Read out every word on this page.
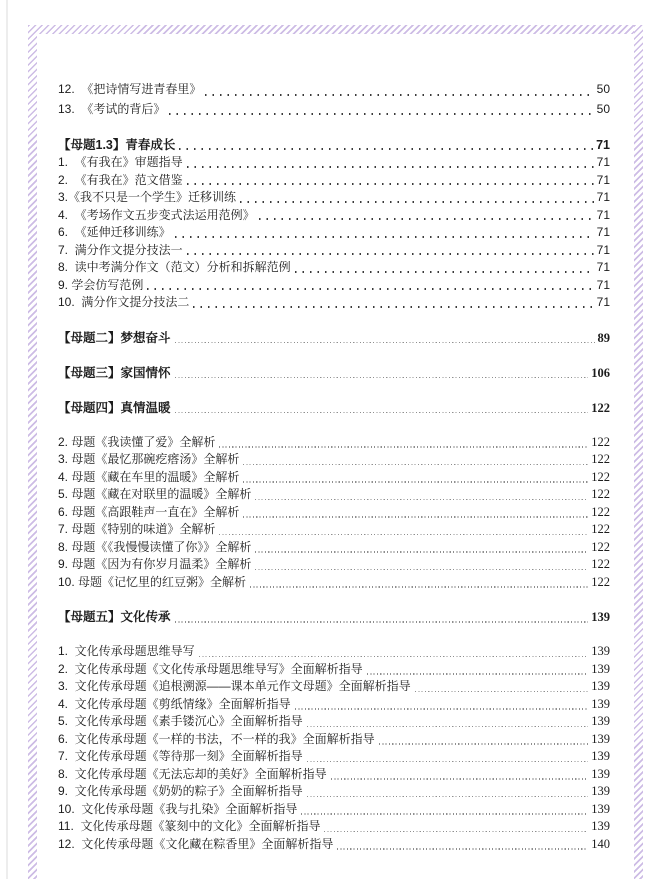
12.  《把诗情写进青春里》	50
13.  《考试的背后》	50
【母题1.3】青春成长	71
1.  《有我在》审题指导	71
2.  《有我在》范文借鉴	71
3.《我不只是一个学生》迁移训练	71
4.  《考场作文五步变式法运用范例》	71
6.  《延伸迁移训练》	71
7.  满分作文提分技法一	71
8.  读中考满分作文（范文）分析和拆解范例	71
9. 学会仿写范例	71
10.  满分作文提分技法二	71
【母题二】梦想奋斗	89
【母题三】家国情怀	106
【母题四】真情温暖	122
2. 母题《我读懂了爱》全解析	122
3. 母题《最忆那碗疙瘩汤》全解析	122
4. 母题《藏在车里的温暖》全解析	122
5. 母题《藏在对联里的温暖》全解析	122
6. 母题《高跟鞋声一直在》全解析	122
7. 母题《特别的味道》全解析	122
8. 母题《《我慢慢读懂了你》》全解析	122
9. 母题《因为有你岁月温柔》全解析	122
10. 母题《记忆里的红豆粥》全解析	122
【母题五】文化传承	139
1.  文化传承母题思维导写	139
2.  文化传承母题《文化传承母题思维导写》全面解析指导	139
3.  文化传承母题《追根溯源——课本单元作文母题》全面解析指导	139
4.  文化传承母题《剪纸情缘》全面解析指导	139
5.  文化传承母题《素手镂沉心》全面解析指导	139
6.  文化传承母题《一样的书法，不一样的我》全面解析指导	139
7.  文化传承母题《等待那一刻》全面解析指导	139
8.  文化传承母题《无法忘却的美好》全面解析指导	139
9.  文化传承母题《奶奶的粽子》全面解析指导	139
10.  文化传承母题《我与扎染》全面解析指导	139
11.  文化传承母题《篆刻中的文化》全面解析指导	139
12.  文化传承母题《文化藏在粽香里》全面解析指导	140
